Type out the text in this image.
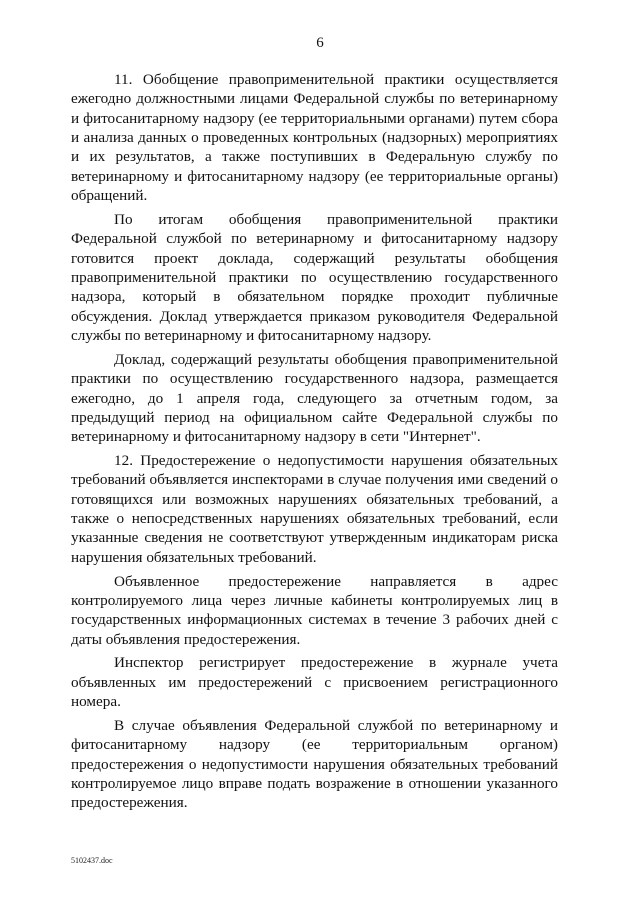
6

11. Обобщение правоприменительной практики осуществляется ежегодно должностными лицами Федеральной службы по ветеринарному и фитосанитарному надзору (ее территориальными органами) путем сбора и анализа данных о проведенных контрольных (надзорных) мероприятиях и их результатов, а также поступивших в Федеральную службу по ветеринарному и фитосанитарному надзору (ее территориальные органы) обращений.

По итогам обобщения правоприменительной практики Федеральной службой по ветеринарному и фитосанитарному надзору готовится проект доклада, содержащий результаты обобщения правоприменительной практики по осуществлению государственного надзора, который в обязательном порядке проходит публичные обсуждения. Доклад утверждается приказом руководителя Федеральной службы по ветеринарному и фитосанитарному надзору.

Доклад, содержащий результаты обобщения правоприменительной практики по осуществлению государственного надзора, размещается ежегодно, до 1 апреля года, следующего за отчетным годом, за предыдущий период на официальном сайте Федеральной службы по ветеринарному и фитосанитарному надзору в сети "Интернет".

12. Предостережение о недопустимости нарушения обязательных требований объявляется инспекторами в случае получения ими сведений о готовящихся или возможных нарушениях обязательных требований, а также о непосредственных нарушениях обязательных требований, если указанные сведения не соответствуют утвержденным индикаторам риска нарушения обязательных требований.

Объявленное предостережение направляется в адрес контролируемого лица через личные кабинеты контролируемых лиц в государственных информационных системах в течение 3 рабочих дней с даты объявления предостережения.

Инспектор регистрирует предостережение в журнале учета объявленных им предостережений с присвоением регистрационного номера.

В случае объявления Федеральной службой по ветеринарному и фитосанитарному надзору (ее территориальным органом) предостережения о недопустимости нарушения обязательных требований контролируемое лицо вправе подать возражение в отношении указанного предостережения.

5102437.doc
